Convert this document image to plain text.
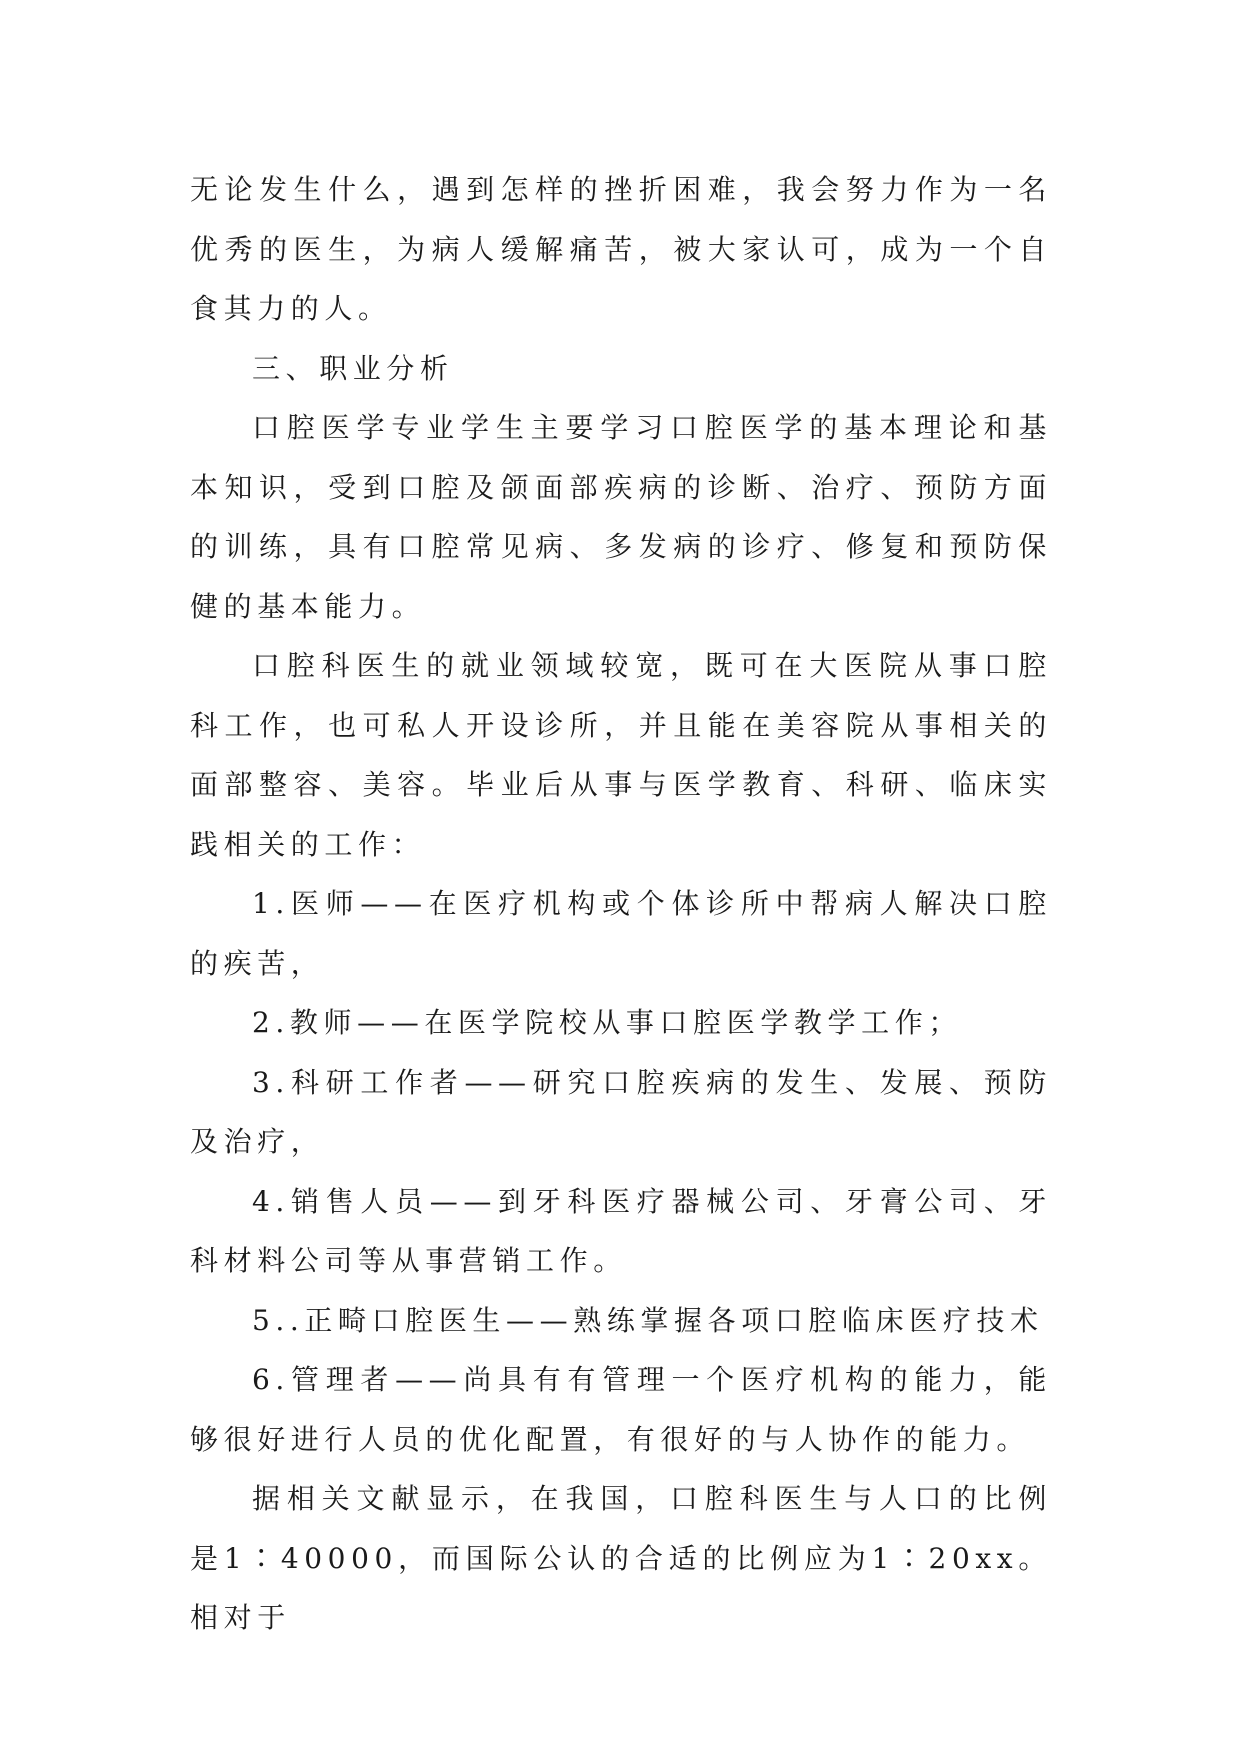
无论发生什么，遇到怎样的挫折困难，我会努力作为一名优秀的医生，为病人缓解痛苦，被大家认可，成为一个自食其力的人。

三、职业分析

口腔医学专业学生主要学习口腔医学的基本理论和基本知识，受到口腔及颌面部疾病的诊断、治疗、预防方面的训练，具有口腔常见病、多发病的诊疗、修复和预防保健的基本能力。

口腔科医生的就业领域较宽，既可在大医院从事口腔科工作，也可私人开设诊所，并且能在美容院从事相关的面部整容、美容。毕业后从事与医学教育、科研、临床实践相关的工作：

1.医师——在医疗机构或个体诊所中帮病人解决口腔的疾苦，

2.教师——在医学院校从事口腔医学教学工作；

3.科研工作者——研究口腔疾病的发生、发展、预防及治疗，

4.销售人员——到牙科医疗器械公司、牙膏公司、牙科材料公司等从事营销工作。

5..正畸口腔医生——熟练掌握各项口腔临床医疗技术

6.管理者——尚具有有管理一个医疗机构的能力，能够很好进行人员的优化配置，有很好的与人协作的能力。

据相关文献显示，在我国，口腔科医生与人口的比例是1∶40000，而国际公认的合适的比例应为1∶20xx。相对于
